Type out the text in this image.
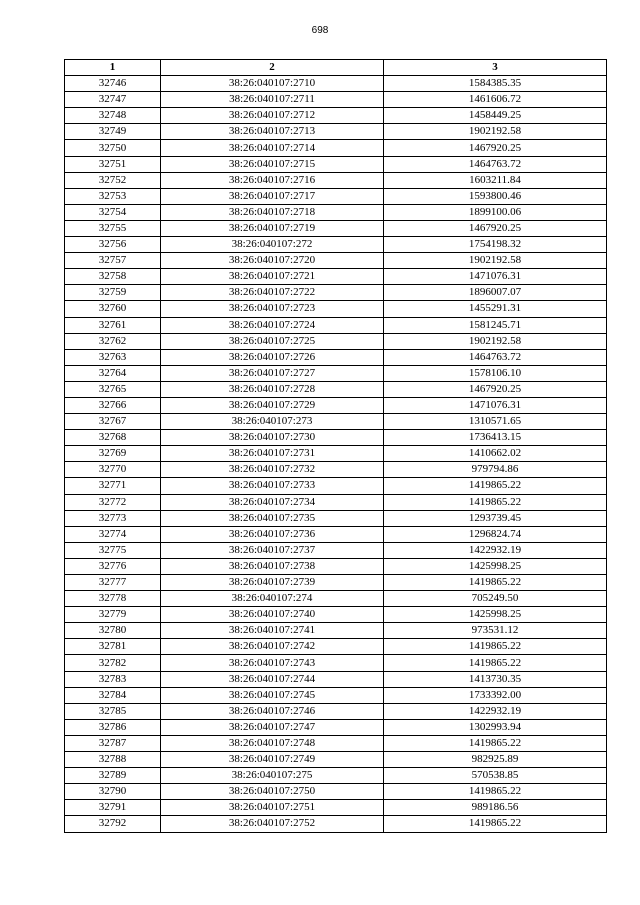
698
1	2	3
32746	38:26:040107:2710	1584385.35
32747	38:26:040107:2711	1461606.72
32748	38:26:040107:2712	1458449.25
32749	38:26:040107:2713	1902192.58
32750	38:26:040107:2714	1467920.25
32751	38:26:040107:2715	1464763.72
32752	38:26:040107:2716	1603211.84
32753	38:26:040107:2717	1593800.46
32754	38:26:040107:2718	1899100.06
32755	38:26:040107:2719	1467920.25
32756	38:26:040107:272	1754198.32
32757	38:26:040107:2720	1902192.58
32758	38:26:040107:2721	1471076.31
32759	38:26:040107:2722	1896007.07
32760	38:26:040107:2723	1455291.31
32761	38:26:040107:2724	1581245.71
32762	38:26:040107:2725	1902192.58
32763	38:26:040107:2726	1464763.72
32764	38:26:040107:2727	1578106.10
32765	38:26:040107:2728	1467920.25
32766	38:26:040107:2729	1471076.31
32767	38:26:040107:273	1310571.65
32768	38:26:040107:2730	1736413.15
32769	38:26:040107:2731	1410662.02
32770	38:26:040107:2732	979794.86
32771	38:26:040107:2733	1419865.22
32772	38:26:040107:2734	1419865.22
32773	38:26:040107:2735	1293739.45
32774	38:26:040107:2736	1296824.74
32775	38:26:040107:2737	1422932.19
32776	38:26:040107:2738	1425998.25
32777	38:26:040107:2739	1419865.22
32778	38:26:040107:274	705249.50
32779	38:26:040107:2740	1425998.25
32780	38:26:040107:2741	973531.12
32781	38:26:040107:2742	1419865.22
32782	38:26:040107:2743	1419865.22
32783	38:26:040107:2744	1413730.35
32784	38:26:040107:2745	1733392.00
32785	38:26:040107:2746	1422932.19
32786	38:26:040107:2747	1302993.94
32787	38:26:040107:2748	1419865.22
32788	38:26:040107:2749	982925.89
32789	38:26:040107:275	570538.85
32790	38:26:040107:2750	1419865.22
32791	38:26:040107:2751	989186.56
32792	38:26:040107:2752	1419865.22
